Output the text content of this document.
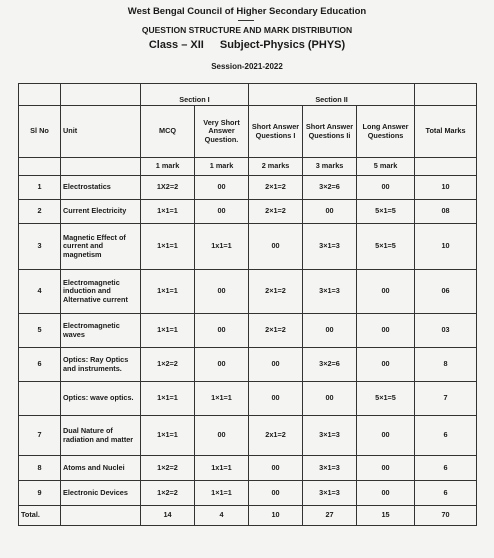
West Bengal Council of Higher Secondary Education
QUESTION STRUCTURE AND MARK DISTRIBUTION
Class – XII Subject-Physics (PHYS)
Session-2021-2022
		Section I		Section II			
Sl No	Unit	MCQ	Very Short Answer Question.	Short Answer Questions I	Short Answer Questions Ii	Long Answer Questions	Total Marks
		1 mark	1 mark	2 marks	3 marks	5 mark	
1	Electrostatics	1X2=2	00	2×1=2	3×2=6	00	10
2	Current Electricity	1×1=1	00	2×1=2	00	5×1=5	08
3	Magnetic Effect of current and magnetism	1×1=1	1x1=1	00	3×1=3	5×1=5	10
4	Electromagnetic induction and Alternative current	1×1=1	00	2×1=2	3×1=3	00	06
5	Electromagnetic waves	1×1=1	00	2×1=2	00	00	03
6	Optics: Ray Optics and instruments.	1×2=2	00	00	3×2=6	00	8
	Optics: wave optics.	1×1=1	1×1=1	00	00	5×1=5	7
7	Dual Nature of radiation and matter	1×1=1	00	2x1=2	3×1=3	00	6
8	Atoms and Nuclei	1×2=2	1x1=1	00	3×1=3	00	6
9	Electronic Devices	1×2=2	1×1=1	00	3×1=3	00	6
Total.		14	4	10	27	15	70
